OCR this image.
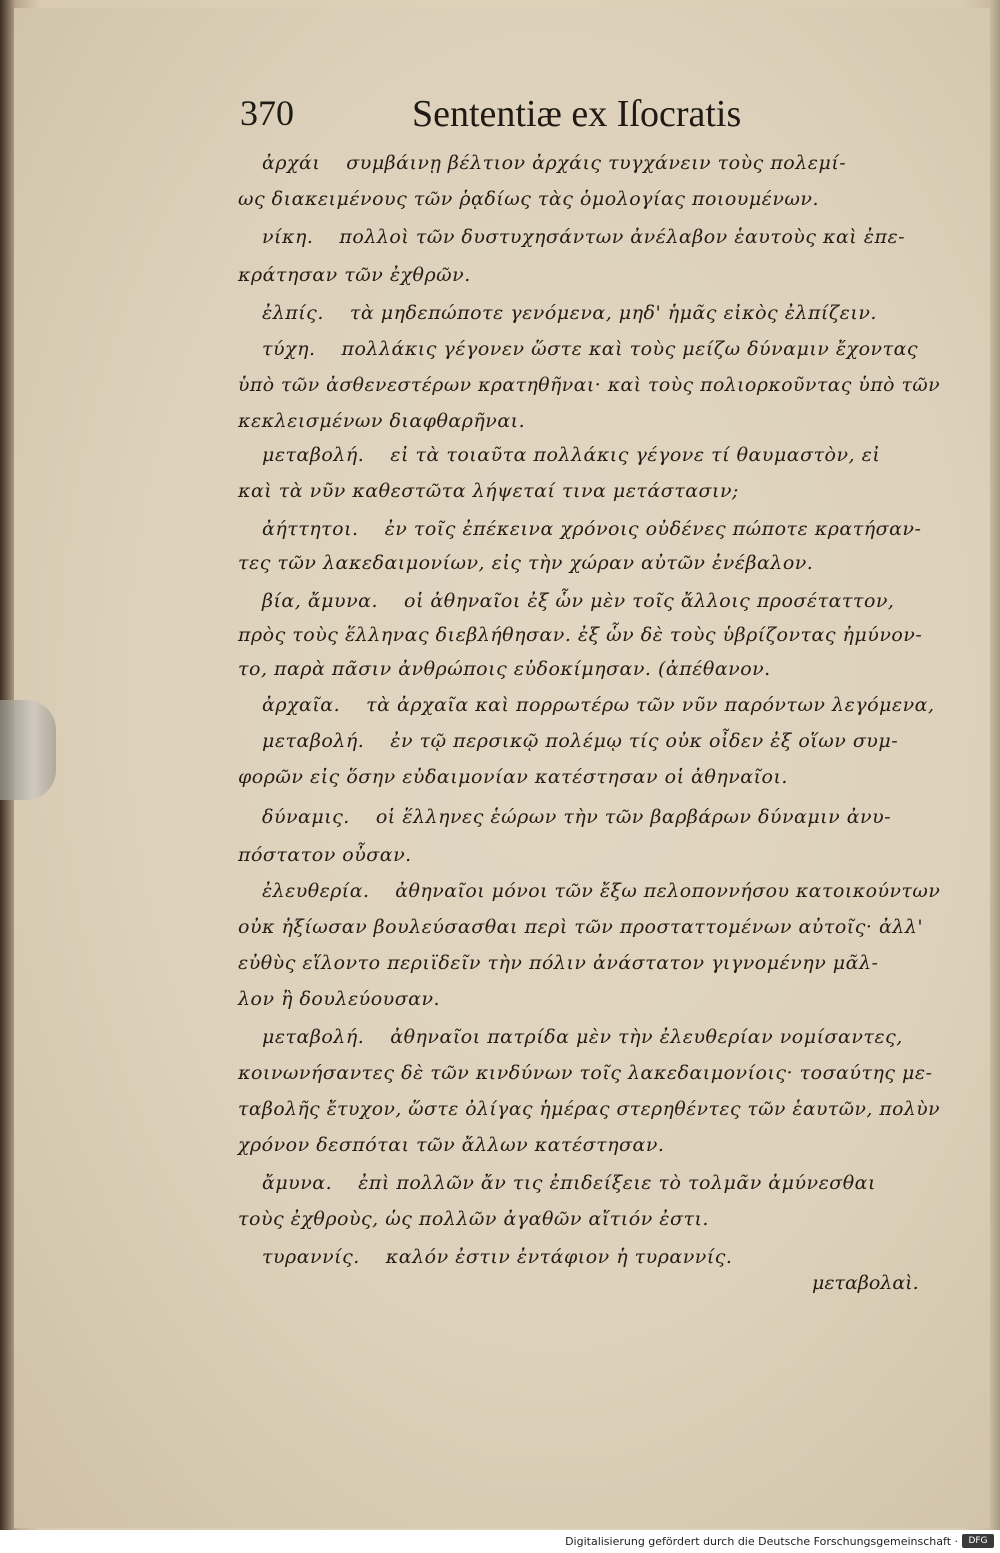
370	Sententiæ ex Iſocratis
ἀρχάι συμβάινῃ βέλτιον ἀρχάις τυγχάνειν τοὺς πολεμί-
ως διακειμένους τῶν ῥᾳδίως τὰς ὁμολογίας ποιουμένων.
νίκη. πολλοὶ τῶν δυστυχησάντων ἀνέλαβον ἑαυτοὺς καὶ ἐπε-
κράτησαν τῶν ἐχθρῶν.
ἐλπίς. τὰ μηδεπώποτε γενόμενα, μηδ' ἡμᾶς εἰκὸς ἐλπίζειν.
τύχη. πολλάκις γέγονεν ὥστε καὶ τοὺς μείζω δύναμιν ἔχοντας
ὑπὸ τῶν ἀσθενεστέρων κρατηθῆναι· καὶ τοὺς πολιορκοῦντας ὑπὸ τῶν
κεκλεισμένων διαφθαρῆναι.
μεταβολή. εἰ τὰ τοιαῦτα πολλάκις γέγονε τί θαυμαστὸν, εἰ
καὶ τὰ νῦν καθεστῶτα λήψεταί τινα μετάστασιν;
ἀήττητοι. ἐν τοῖς ἐπέκεινα χρόνοις οὐδένες πώποτε κρατήσαν-
τες τῶν λακεδαιμονίων, εἰς τὴν χώραν αὐτῶν ἐνέβαλον.
βία, ἄμυνα. οἱ ἀθηναῖοι ἐξ ὧν μὲν τοῖς ἄλλοις προσέταττον,
πρὸς τοὺς ἕλληνας διεβλήθησαν. ἐξ ὧν δὲ τοὺς ὑβρίζοντας ἠμύνον-
το, παρὰ πᾶσιν ἀνθρώποις εὐδοκίμησαν. (ἀπέθανον.
ἀρχαῖα. τὰ ἀρχαῖα καὶ πορρωτέρω τῶν νῦν παρόντων λεγόμενα,
μεταβολή. ἐν τῷ περσικῷ πολέμῳ τίς οὐκ οἶδεν ἐξ οἵων συμ-
φορῶν εἰς ὅσην εὐδαιμονίαν κατέστησαν οἱ ἀθηναῖοι.
δύναμις. οἱ ἕλληνες ἑώρων τὴν τῶν βαρβάρων δύναμιν ἀνυ-
πόστατον οὖσαν.
ἐλευθερία. ἀθηναῖοι μόνοι τῶν ἔξω πελοποννήσου κατοικούντων
οὐκ ἠξίωσαν βουλεύσασθαι περὶ τῶν προσταττομένων αὐτοῖς· ἀλλ'
εὐθὺς εἵλοντο περιϊδεῖν τὴν πόλιν ἀνάστατον γιγνομένην μᾶλ-
λον ἢ δουλεύουσαν.
μεταβολή. ἀθηναῖοι πατρίδα μὲν τὴν ἐλευθερίαν νομίσαντες,
κοινωνήσαντες δὲ τῶν κινδύνων τοῖς λακεδαιμονίοις· τοσαύτης με-
ταβολῆς ἔτυχον, ὥστε ὀλίγας ἡμέρας στερηθέντες τῶν ἑαυτῶν, πολὺν
χρόνον δεσπόται τῶν ἄλλων κατέστησαν.
ἄμυνα. ἐπὶ πολλῶν ἄν τις ἐπιδείξειε τὸ τολμᾶν ἀμύνεσθαι
τοὺς ἐχθροὺς, ὡς πολλῶν ἀγαθῶν αἴτιόν ἐστι.
τυραννίς. καλόν ἐστιν ἐντάφιον ἡ τυραννίς.
μεταβολαὶ.
Digitalisierung gefördert durch die Deutsche Forschungsgemeinschaft ·	DFG
